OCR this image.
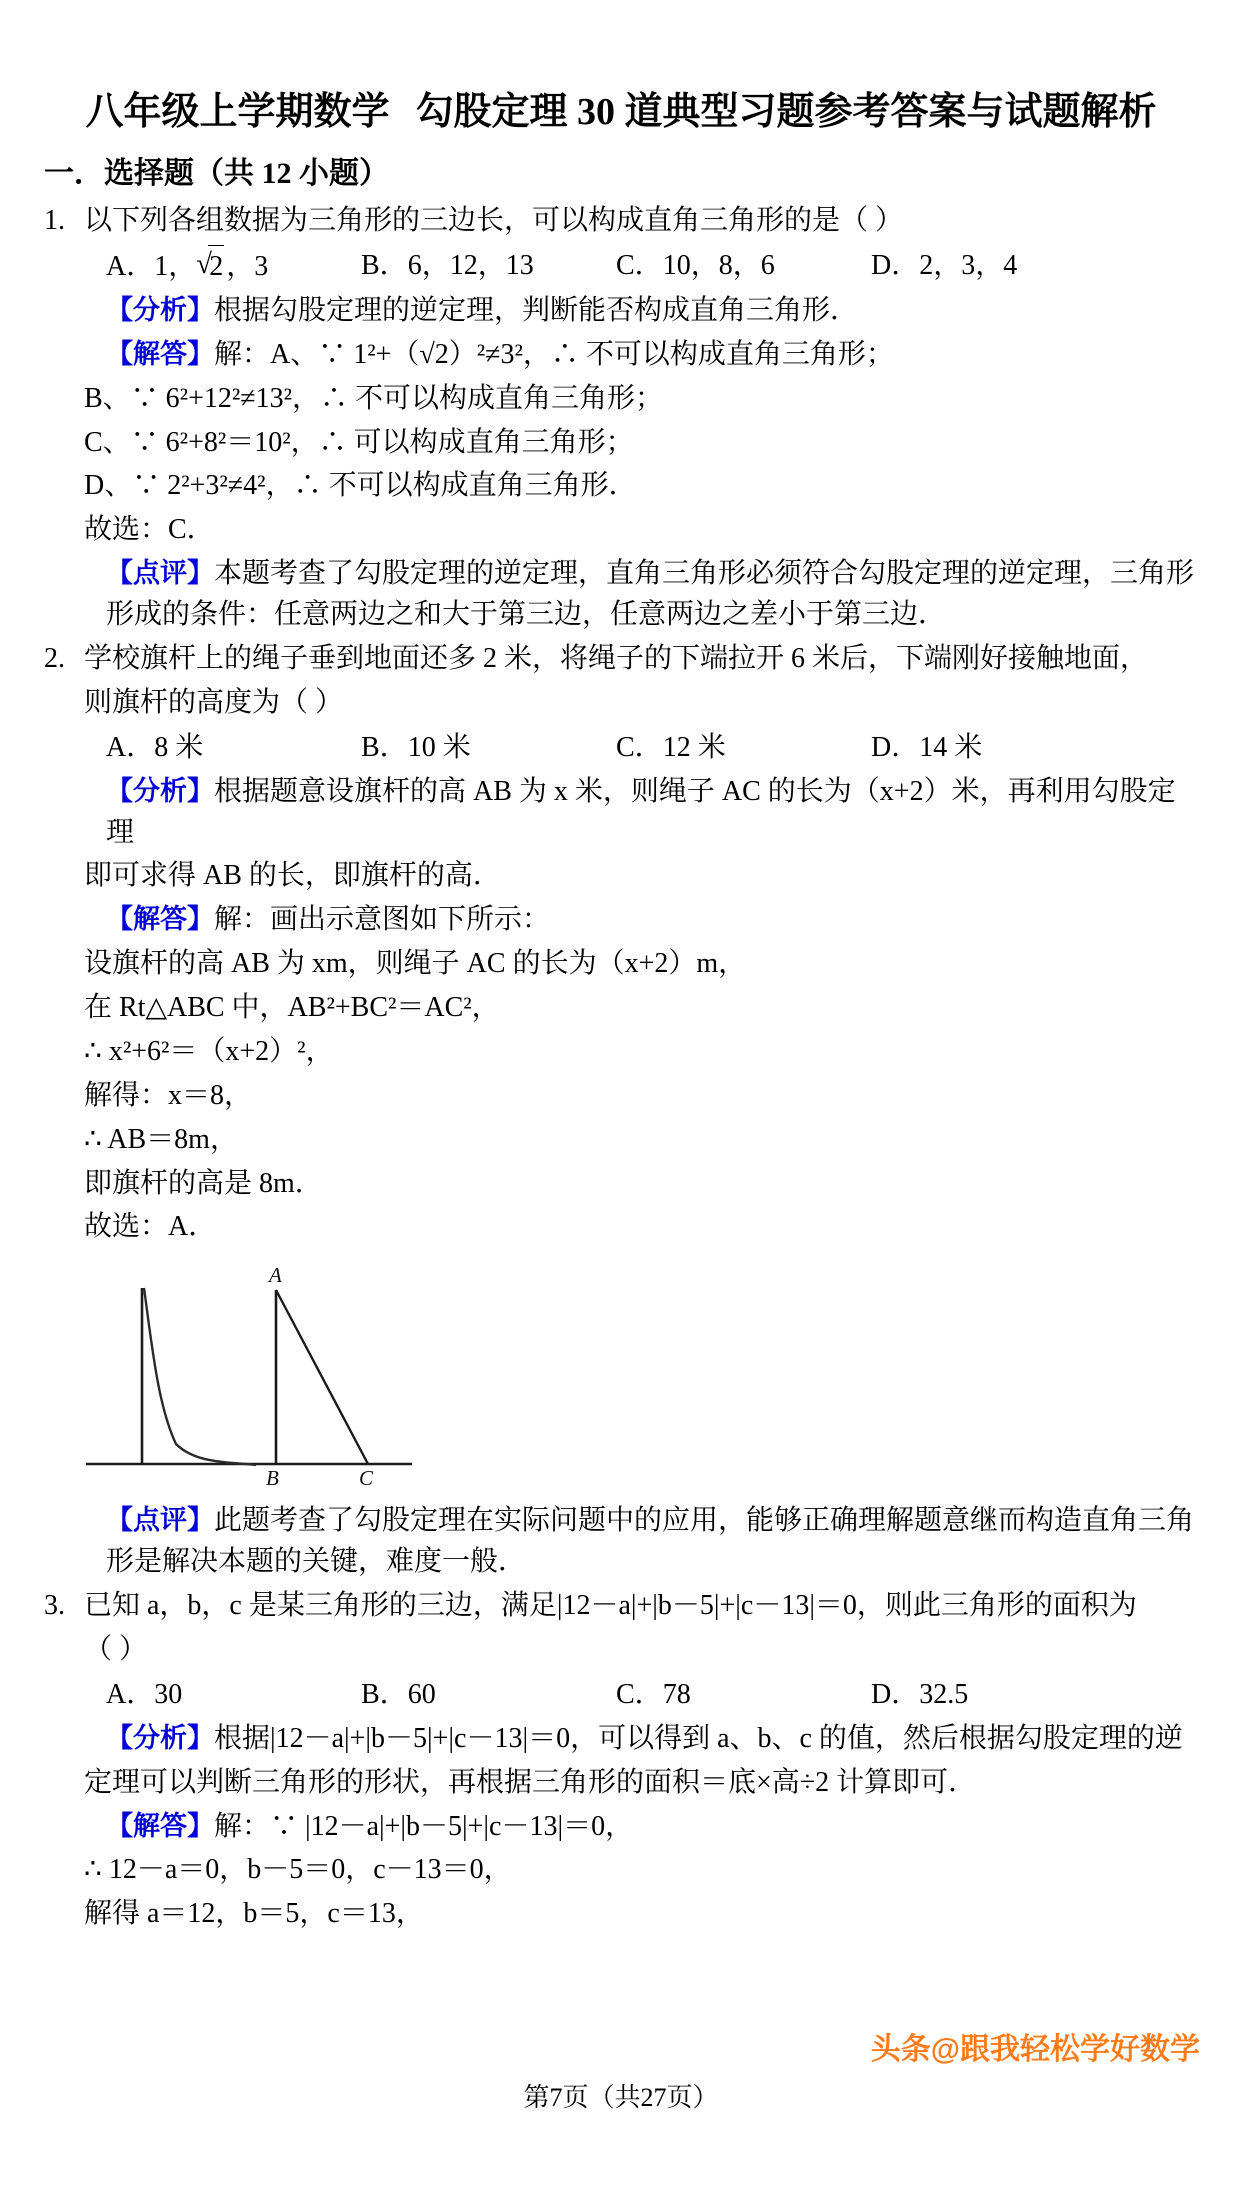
八年级上学期数学 勾股定理 30 道典型习题参考答案与试题解析
一．选择题（共 12 小题）
1. 以下列各组数据为三角形的三边长，可以构成直角三角形的是（ ）
A．1， √ 2 ，3	B．6，12，13	C．10，8，6	D．2，3，4
【分析】根据勾股定理的逆定理，判断能否构成直角三角形．
【解答】解：A、∵ 1²+（√2）²≠3²，∴ 不可以构成直角三角形；
B、∵ 6²+12²≠13²，∴ 不可以构成直角三角形；
C、∵ 6²+8²＝10²，∴ 可以构成直角三角形；
D、∵ 2²+3²≠4²，∴ 不可以构成直角三角形．
故选：C．
【点评】本题考查了勾股定理的逆定理，直角三角形必须符合勾股定理的逆定理，三角形形成的条件：任意两边之和大于第三边，任意两边之差小于第三边．
2. 学校旗杆上的绳子垂到地面还多 2 米，将绳子的下端拉开 6 米后，下端刚好接触地面，
则旗杆的高度为（ ）
A．8 米	B．10 米	C．12 米	D．14 米
【分析】根据题意设旗杆的高 AB 为 x 米，则绳子 AC 的长为（x+2）米，再利用勾股定理
即可求得 AB 的长，即旗杆的高．
【解答】解：画出示意图如下所示：
设旗杆的高 AB 为 xm，则绳子 AC 的长为（x+2）m，
在 Rt△ABC 中，AB²+BC²＝AC²，
∴ x²+6²＝（x+2）²，
解得：x＝8，
∴ AB＝8m，
即旗杆的高是 8m．
故选：A．
A
B	C
【点评】此题考查了勾股定理在实际问题中的应用，能够正确理解题意继而构造直角三角形是解决本题的关键，难度一般．
3. 已知 a，b，c 是某三角形的三边，满足|12－a|+|b－5|+|c－13|＝0，则此三角形的面积为
（ ）
A．30	B．60	C．78	D．32.5
【分析】根据|12－a|+|b－5|+|c－13|＝0，可以得到 a、b、c 的值，然后根据勾股定理的逆
定理可以判断三角形的形状，再根据三角形的面积＝底×高÷2 计算即可．
【解答】解：∵ |12－a|+|b－5|+|c－13|＝0，
∴ 12－a＝0，b－5＝0，c－13＝0，
解得 a＝12，b＝5，c＝13，
头条@跟我轻松学好数学
第7页（共27页）
